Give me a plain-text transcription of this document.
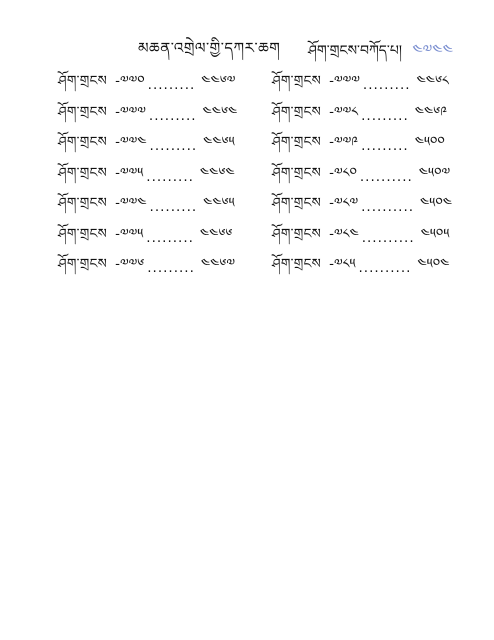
མཆན་འགྲེལ་གྱི་དཀར་ཆག ཤོག་གྲངས་བཀོད་པ། ༤༧༤༤
ཤོག་གྲངས -༧༧༠ ......... ༤༤༦༧
ཤོག་གྲངས -༧༧༧ ......... ༤༤༦༤
ཤོག་གྲངས -༧༧༤ ......... ༤༤༦༥
ཤོག་གྲངས -༧༧༥ ......... ༤༤༦༤
ཤོག་གྲངས -༧༧༤ ......... ༤༤༦༥
ཤོག་གྲངས -༧༧༥ ......... ༤༤༦༦
ཤོག་གྲངས -༧༧༦ ......... ༤༤༦༧
ཤོག་གྲངས -༧༧༧ ......... ༤༤༦༨
ཤོག་གྲངས -༧༧༨ ......... ༤༤༦༩
ཤོག་གྲངས -༧༧༩ ......... ༤༥༠༠
ཤོག་གྲངས -༧༨༠ .......... ༤༥༠༧
ཤོག་གྲངས -༧༨༧ .......... ༤༥༠༤
ཤོག་གྲངས -༧༨༤ .......... ༤༥༠༥
ཤོག་གྲངས -༧༨༥ .......... ༤༥༠༤
